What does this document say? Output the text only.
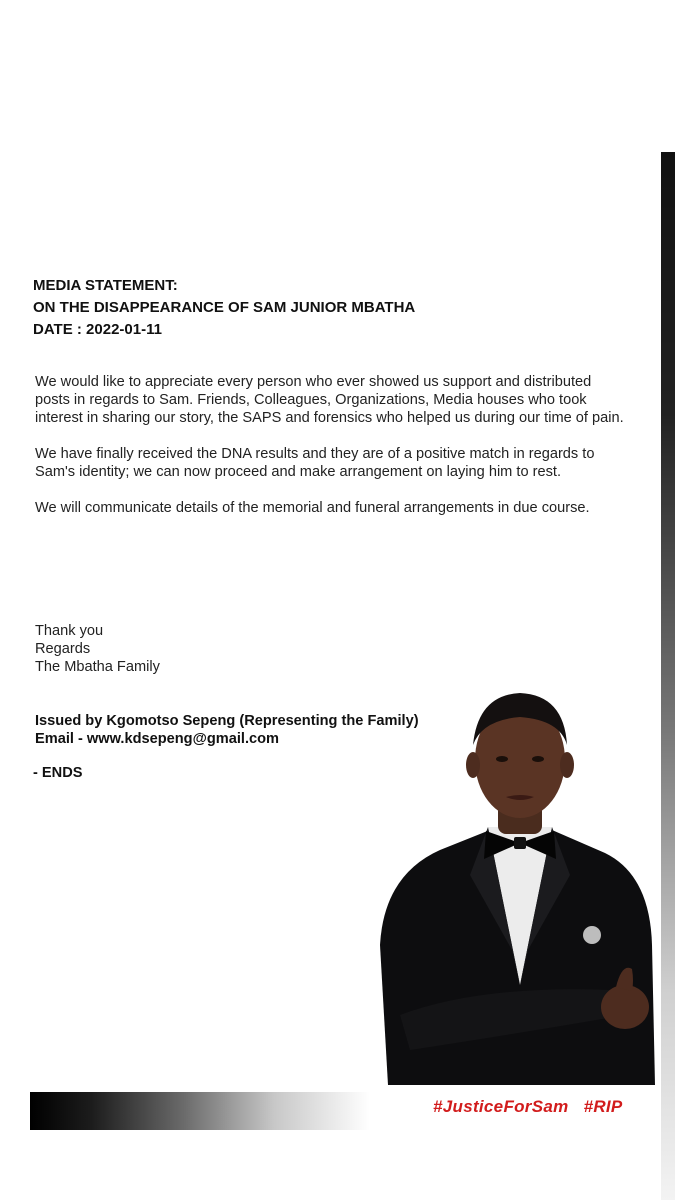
MEDIA STATEMENT:
ON THE DISAPPEARANCE OF SAM JUNIOR MBATHA
DATE : 2022-01-11

We would like to appreciate every person who ever showed us support and distributed posts in regards to Sam. Friends, Colleagues, Organizations, Media houses who took interest in sharing our story, the SAPS and forensics who helped us during our time of pain.

We have finally received the DNA results and they are of a positive match in regards to Sam's identity; we can now proceed and make arrangement on laying him to rest.

We will communicate details of the memorial and funeral arrangements in due course.

Thank you
Regards
The Mbatha Family
Issued by Kgomotso Sepeng (Representing the Family)
Email - www.kdsepeng@gmail.com
- ENDS
#JusticeForSam #RIP
